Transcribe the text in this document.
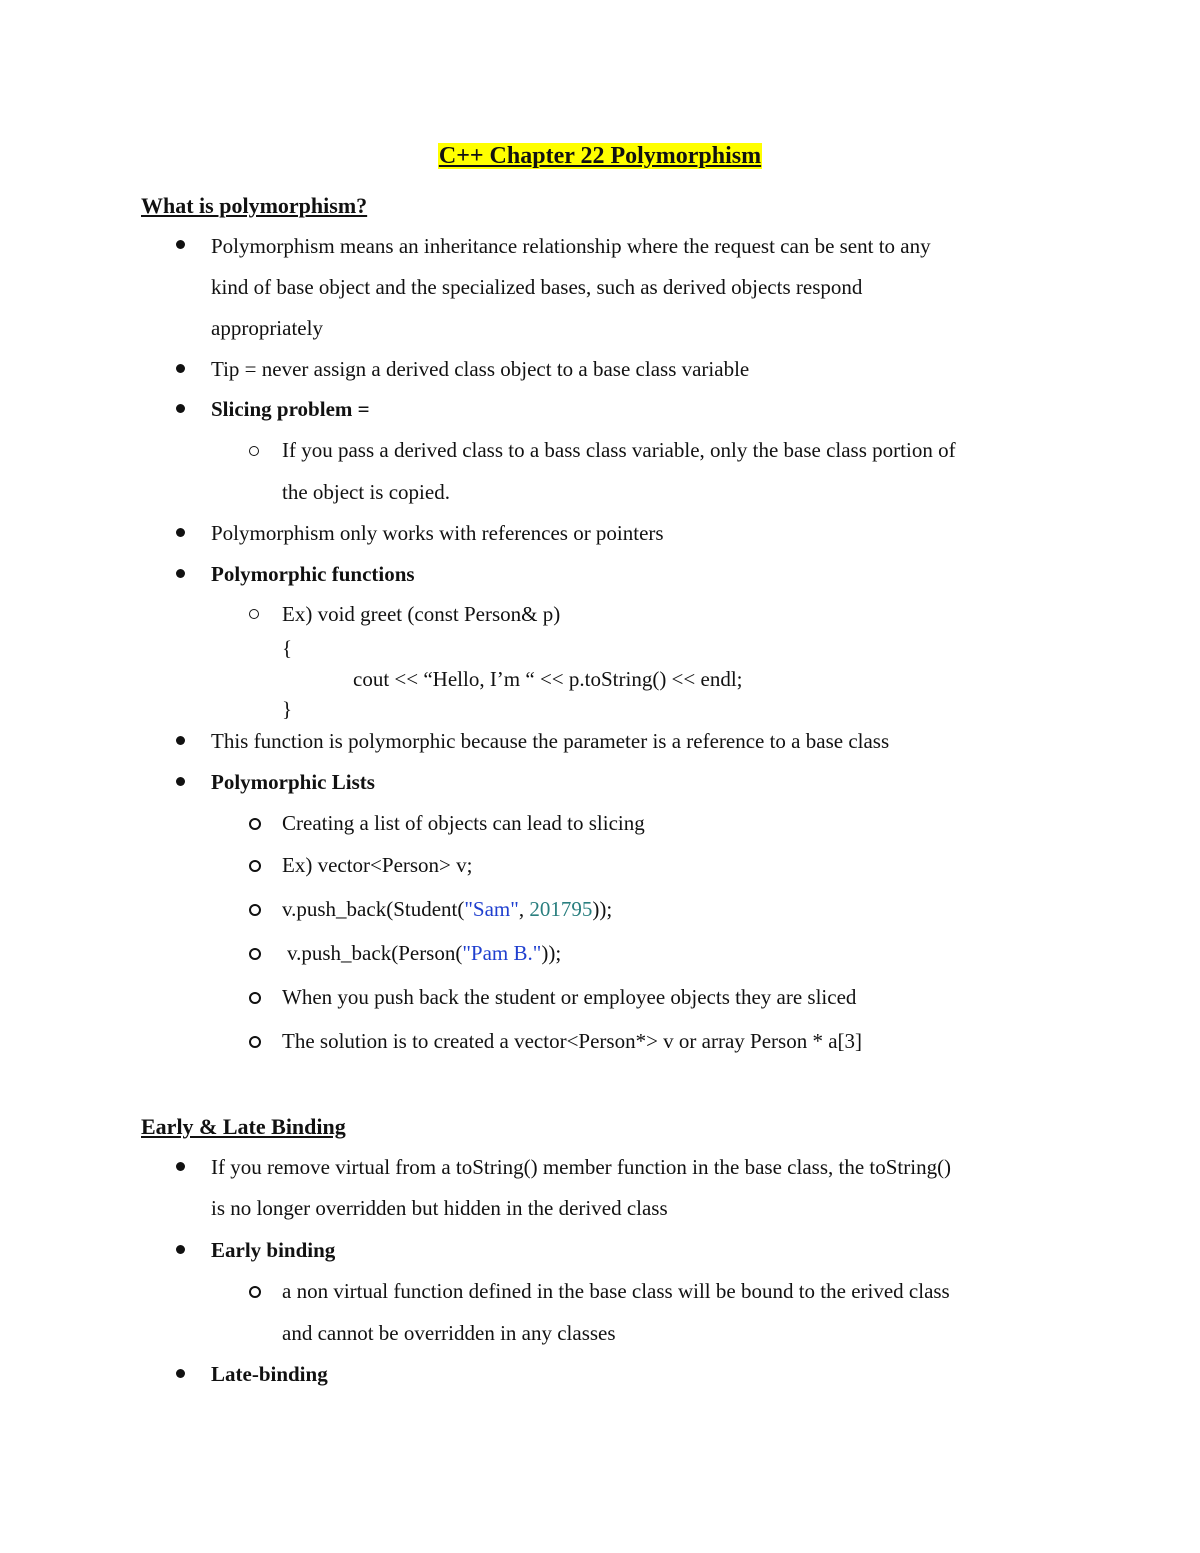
C++ Chapter 22 Polymorphism
What is polymorphism?
Polymorphism means an inheritance relationship where the request can be sent to any
kind of base object and the specialized bases, such as derived objects respond
appropriately
Tip = never assign a derived class object to a base class variable
Slicing problem =
If you pass a derived class to a bass class variable, only the base class portion of
the object is copied.
Polymorphism only works with references or pointers
Polymorphic functions
Ex) void greet (const Person& p)
{
cout << “Hello, I’m “ << p.toString() << endl;
}
This function is polymorphic because the parameter is a reference to a base class
Polymorphic Lists
Creating a list of objects can lead to slicing
Ex) vector<Person> v;
v.push_back(Student("Sam", 201795));
v.push_back(Person("Pam B."));
When you push back the student or employee objects they are sliced
The solution is to created a vector<Person*> v or array Person * a[3]
Early & Late Binding
If you remove virtual from a toString() member function in the base class, the toString()
is no longer overridden but hidden in the derived class
Early binding
a non virtual function defined in the base class will be bound to the erived class
and cannot be overridden in any classes
Late-binding
